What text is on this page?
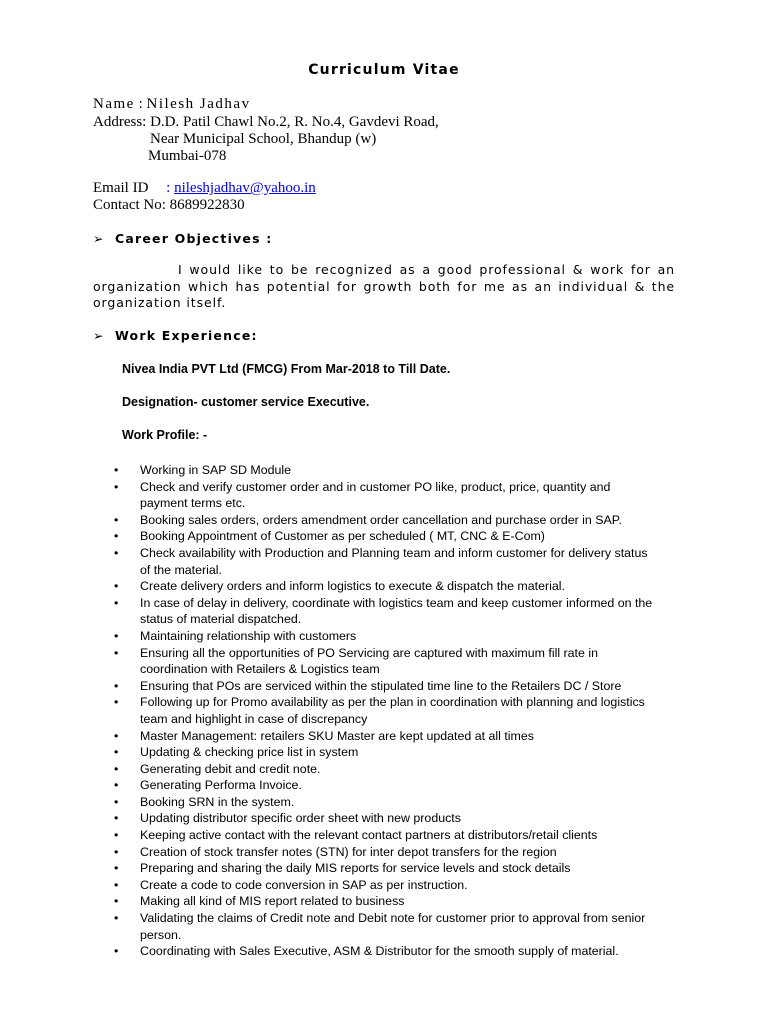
Curriculum Vitae
Name : Nilesh Jadhav
Address: D.D. Patil Chawl No.2, R. No.4, Gavdevi Road,
Near Municipal School, Bhandup (w)
Mumbai-078
Email ID : nileshjadhav@yahoo.in
Contact No: 8689922830
➢ Career Objectives :
I would like to be recognized as a good professional & work for an organization which has potential for growth both for me as an individual & the organization itself.
➢ Work Experience:
Nivea India PVT Ltd (FMCG) From Mar-2018 to Till Date.
Designation- customer service Executive.
Work Profile: -
•	Working in SAP SD Module
•	Check and verify customer order and in customer PO like, product, price, quantity and payment terms etc.
•	Booking sales orders, orders amendment order cancellation and purchase order in SAP.
•	Booking Appointment of Customer as per scheduled ( MT, CNC & E-Com)
•	Check availability with Production and Planning team and inform customer for delivery status of the material.
•	Create delivery orders and inform logistics to execute & dispatch the material.
•	In case of delay in delivery, coordinate with logistics team and keep customer informed on the status of material dispatched.
•	Maintaining relationship with customers
•	Ensuring all the opportunities of PO Servicing are captured with maximum fill rate in coordination with Retailers & Logistics team
•	Ensuring that POs are serviced within the stipulated time line to the Retailers DC / Store
•	Following up for Promo availability as per the plan in coordination with planning and logistics team and highlight in case of discrepancy
•	Master Management: retailers SKU Master are kept updated at all times
•	Updating & checking price list in system
•	Generating debit and credit note.
•	Generating Performa Invoice.
•	Booking SRN in the system.
•	Updating distributor specific order sheet with new products
•	Keeping active contact with the relevant contact partners at distributors/retail clients
•	Creation of stock transfer notes (STN) for inter depot transfers for the region
•	Preparing and sharing the daily MIS reports for service levels and stock details
•	Create a code to code conversion in SAP as per instruction.
•	Making all kind of MIS report related to business
•	Validating the claims of Credit note and Debit note for customer prior to approval from senior person.
•	Coordinating with Sales Executive, ASM & Distributor for the smooth supply of material.
